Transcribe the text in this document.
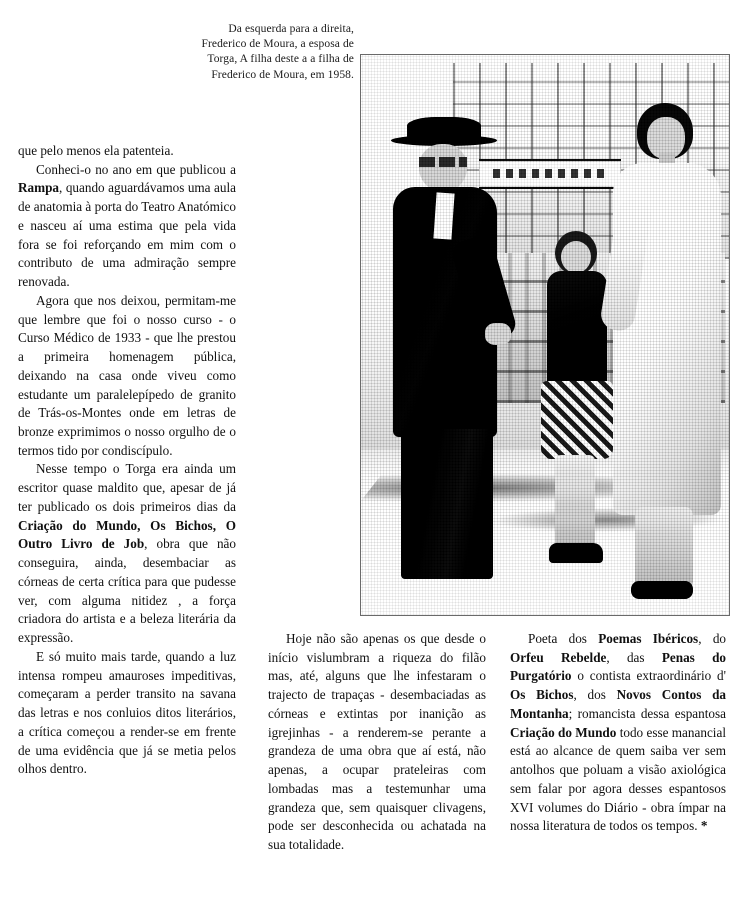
Da esquerda para a direita, Frederico de Moura, a esposa de Torga, A filha deste a a filha de Frederico de Moura, em 1958.

que pelo menos ela patenteia.

Conheci-o no ano em que publicou a Rampa, quando aguardávamos uma aula de anatomia à porta do Teatro Anatómico e nasceu aí uma estima que pela vida fora se foi reforçando em mim com o contributo de uma admiração sempre renovada.

Agora que nos deixou, permitam-me que lembre que foi o nosso curso - o Curso Médico de 1933 - que lhe prestou a primeira homenagem pública, deixando na casa onde viveu como estudante um paralelepípedo de granito de Trás-os-Montes onde em letras de bronze exprimimos o nosso orgulho de o termos tido por condiscípulo.

Nesse tempo o Torga era ainda um escritor quase maldito que, apesar de já ter publicado os dois primeiros dias da Criação do Mundo, Os Bichos, O Outro Livro de Job, obra que não conseguira, ainda, desembaciar as córneas de certa crítica para que pudesse ver, com alguma nitidez , a força criadora do artista e a beleza literária da expressão.

E só muito mais tarde, quando a luz intensa rompeu amauroses impeditivas, começaram a perder transito na savana das letras e nos conluios ditos literários, a crítica começou a render-se em frente de uma evidência que já se metia pelos olhos dentro.

Hoje não são apenas os que desde o início vislumbram a riqueza do filão mas, até, alguns que lhe infestaram o trajecto de trapaças - desembaciadas as córneas e extintas por inanição as igrejinhas - a renderem-se perante a grandeza de uma obra que aí está, não apenas, a ocupar prateleiras com lombadas mas a testemunhar uma grandeza que, sem quaisquer clivagens, pode ser desconhecida ou achatada na sua totalidade.

Poeta dos Poemas Ibéricos, do Orfeu Rebelde, das Penas do Purgatório o contista extraordinário d' Os Bichos, dos Novos Contos da Montanha; romancista dessa espantosa Criação do Mundo todo esse manancial está ao alcance de quem saiba ver sem antolhos que poluam a visão axiológica sem falar por agora desses espantosos XVI volumes do Diário - obra ímpar na nossa literatura de todos os tempos. *
